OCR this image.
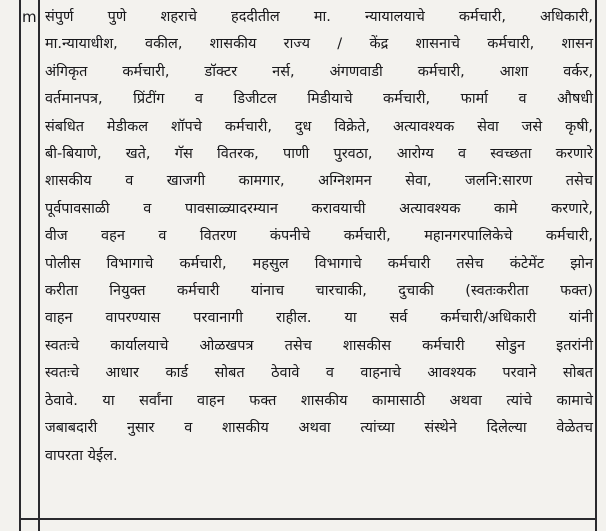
m संपुर्ण पुणे शहराचे हददीतील मा. न्यायालयाचे कर्मचारी, अधिकारी,
मा.न्यायाधीश, वकील, शासकीय राज्य / केंद्र शासनाचे कर्मचारी, शासन
अंगिकृत कर्मचारी, डॉक्टर नर्स, अंगणवाडी कर्मचारी, आशा वर्कर,
वर्तमानपत्र, प्रिंटींग व डिजीटल मिडीयाचे कर्मचारी, फार्मा व औषधी
संबधित मेडीकल शॉपचे कर्मचारी, दुध विक्रेते, अत्यावश्यक सेवा जसे कृषी,
बी-बियाणे, खते, गॅस वितरक, पाणी पुरवठा, आरोग्य व स्वच्छता करणारे
शासकीय व खाजगी कामगार, अग्निशमन सेवा, जलनि:सारण तसेच
पूर्वपावसाळी व पावसाळ्यादरम्यान करावयाची अत्यावश्यक कामे करणारे,
वीज वहन व वितरण कंपनीचे कर्मचारी, महानगरपालिकेचे कर्मचारी,
पोलीस विभागाचे कर्मचारी, महसुल विभागाचे कर्मचारी तसेच कंटेमेंट झोन
करीता नियुक्त कर्मचारी यांनाच चारचाकी, दुचाकी (स्वतःकरीता फक्त)
वाहन वापरण्यास परवानागी राहील. या सर्व कर्मचारी/अधिकारी यांनी
स्वतःचे कार्यालयाचे ओळखपत्र तसेच शासकीस कर्मचारी सोडुन इतरांनी
स्वतःचे आधार कार्ड सोबत ठेवावे व वाहनाचे आवश्यक परवाने सोबत
ठेवावे. या सर्वांना वाहन फक्त शासकीय कामासाठी अथवा त्यांचे कामाचे
जबाबदारी नुसार व शासकीय अथवा त्यांच्या संस्थेने दिलेल्या वेळेतच
वापरता येईल.
